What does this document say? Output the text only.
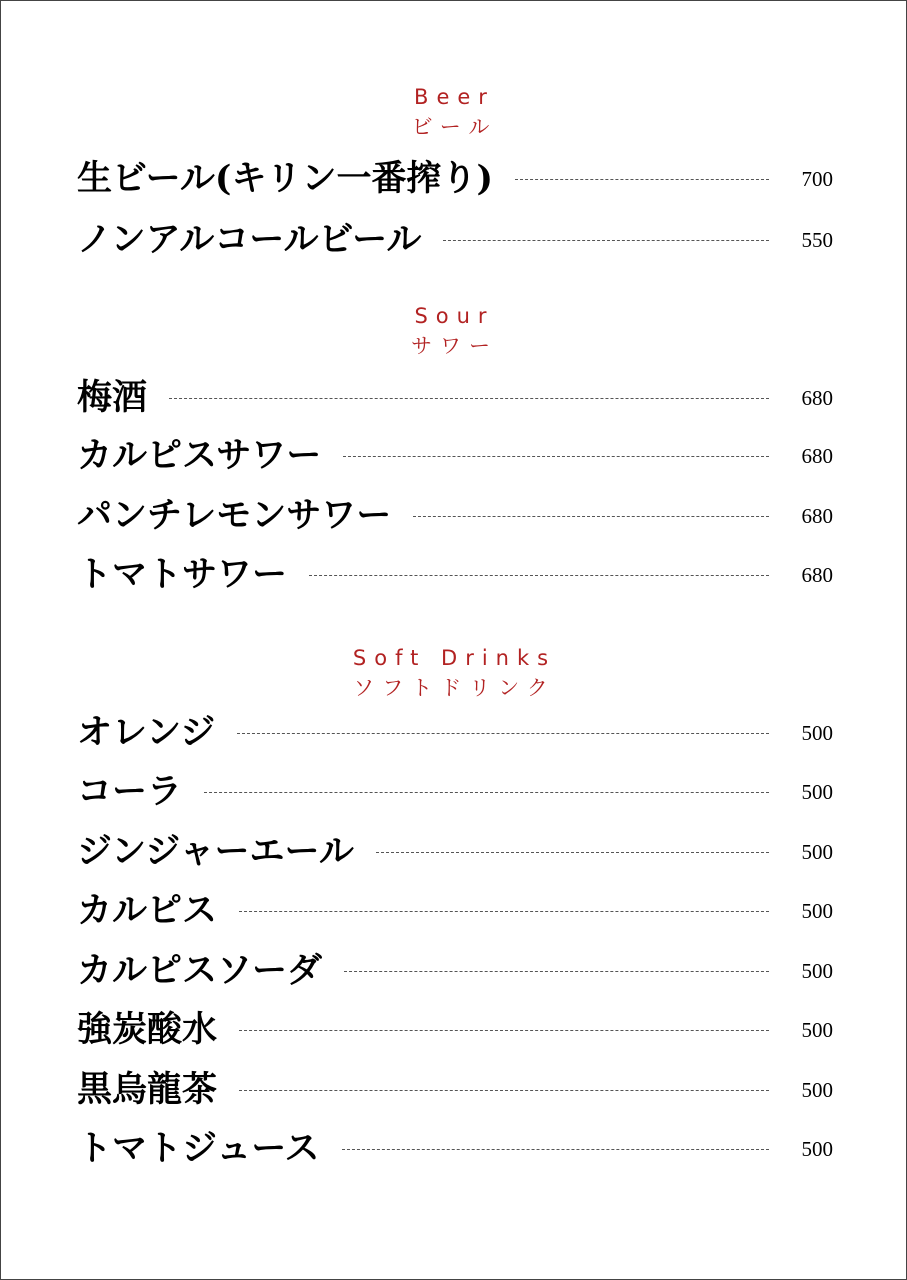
Beer
ビール
生ビール(キリン一番搾り)	700
ノンアルコールビール	550
Sour
サワー
梅酒	680
カルピスサワー	680
パンチレモンサワー	680
トマトサワー	680
Soft Drinks
ソフトドリンク
オレンジ	500
コーラ	500
ジンジャーエール	500
カルピス	500
カルピスソーダ	500
強炭酸水	500
黒烏龍茶	500
トマトジュース	500
